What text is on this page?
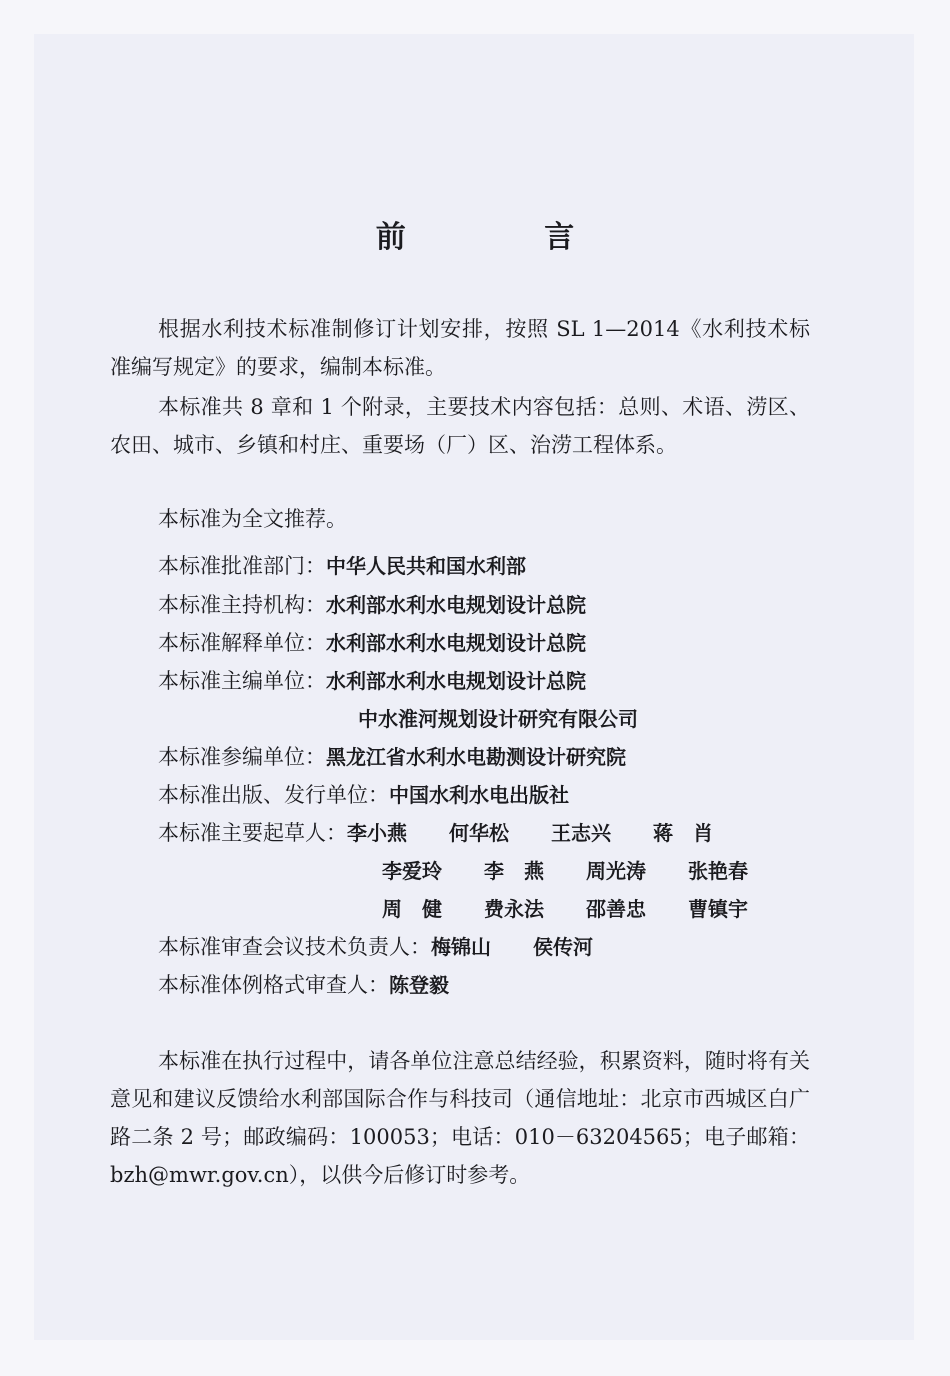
前 言

根据水利技术标准制修订计划安排，按照 SL 1—2014《水利技术标准编写规定》的要求，编制本标准。

本标准共 8 章和 1 个附录，主要技术内容包括：总则、术语、涝区、农田、城市、乡镇和村庄、重要场（厂）区、治涝工程体系。

本标准为全文推荐。

本标准批准部门： 中华人民共和国水利部
本标准主持机构： 水利部水利水电规划设计总院
本标准解释单位： 水利部水利水电规划设计总院
本标准主编单位： 水利部水利水电规划设计总院
中水淮河规划设计研究有限公司
本标准参编单位： 黑龙江省水利水电勘测设计研究院
本标准出版、发行单位： 中国水利水电出版社
本标准主要起草人： 李小燕	何华松	王志兴	蒋　肖
李爱玲	李　燕	周光涛	张艳春
周　健	费永法	邵善忠	曹镇宇
本标准审查会议技术负责人： 梅锦山	侯传河
本标准体例格式审查人： 陈登毅

本标准在执行过程中，请各单位注意总结经验，积累资料，随时将有关意见和建议反馈给水利部国际合作与科技司（通信地址：北京市西城区白广路二条 2 号；邮政编码：100053；电话：010－63204565；电子邮箱：bzh@mwr.gov.cn），以供今后修订时参考。
